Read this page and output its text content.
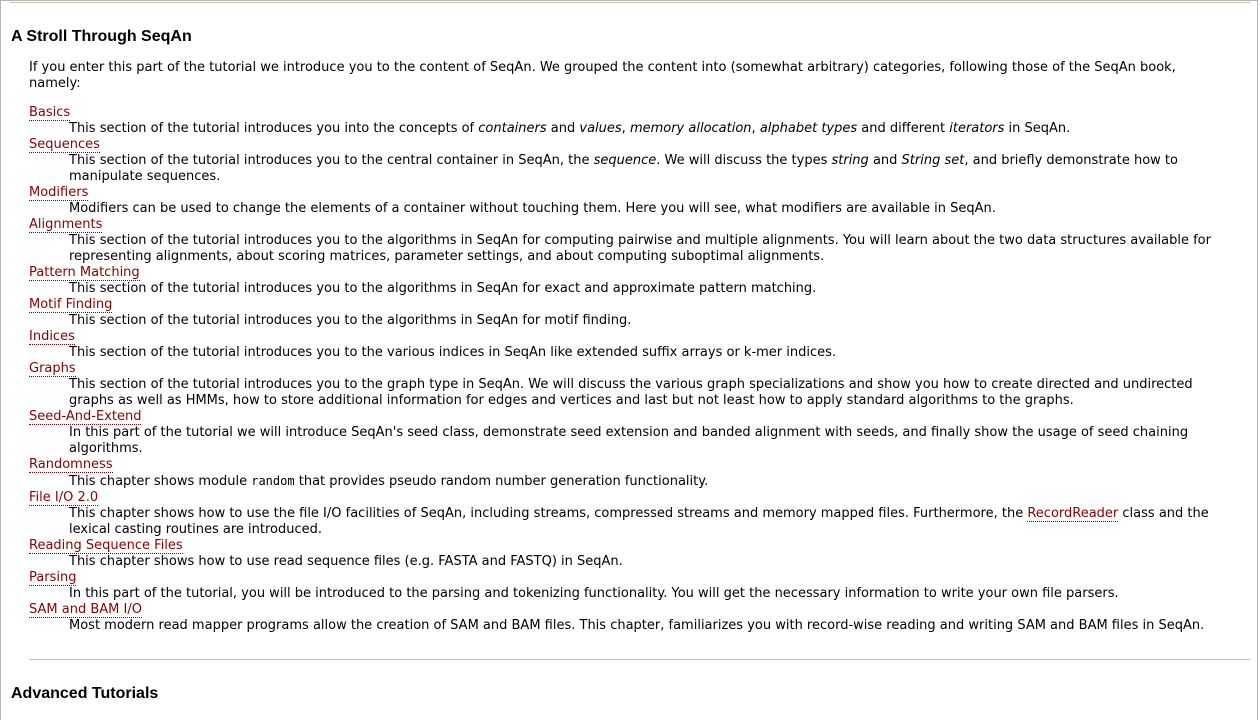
A Stroll Through SeqAn

If you enter this part of the tutorial we introduce you to the content of SeqAn. We grouped the content into (somewhat arbitrary) categories, following those of the SeqAn book, namely:

Basics
This section of the tutorial introduces you into the concepts of containers and values, memory allocation, alphabet types and different iterators in SeqAn.
Sequences
This section of the tutorial introduces you to the central container in SeqAn, the sequence. We will discuss the types string and String set, and briefly demonstrate how to manipulate sequences.
Modifiers
Modifiers can be used to change the elements of a container without touching them. Here you will see, what modifiers are available in SeqAn.
Alignments
This section of the tutorial introduces you to the algorithms in SeqAn for computing pairwise and multiple alignments. You will learn about the two data structures available for representing alignments, about scoring matrices, parameter settings, and about computing suboptimal alignments.
Pattern Matching
This section of the tutorial introduces you to the algorithms in SeqAn for exact and approximate pattern matching.
Motif Finding
This section of the tutorial introduces you to the algorithms in SeqAn for motif finding.
Indices
This section of the tutorial introduces you to the various indices in SeqAn like extended suffix arrays or k-mer indices.
Graphs
This section of the tutorial introduces you to the graph type in SeqAn. We will discuss the various graph specializations and show you how to create directed and undirected graphs as well as HMMs, how to store additional information for edges and vertices and last but not least how to apply standard algorithms to the graphs.
Seed-And-Extend
In this part of the tutorial we will introduce SeqAn's seed class, demonstrate seed extension and banded alignment with seeds, and finally show the usage of seed chaining algorithms.
Randomness
This chapter shows module random that provides pseudo random number generation functionality.
File I/O 2.0
This chapter shows how to use the file I/O facilities of SeqAn, including streams, compressed streams and memory mapped files. Furthermore, the RecordReader class and the lexical casting routines are introduced.
Reading Sequence Files
This chapter shows how to use read sequence files (e.g. FASTA and FASTQ) in SeqAn.
Parsing
In this part of the tutorial, you will be introduced to the parsing and tokenizing functionality. You will get the necessary information to write your own file parsers.
SAM and BAM I/O
Most modern read mapper programs allow the creation of SAM and BAM files. This chapter, familiarizes you with record-wise reading and writing SAM and BAM files in SeqAn.
Advanced Tutorials
